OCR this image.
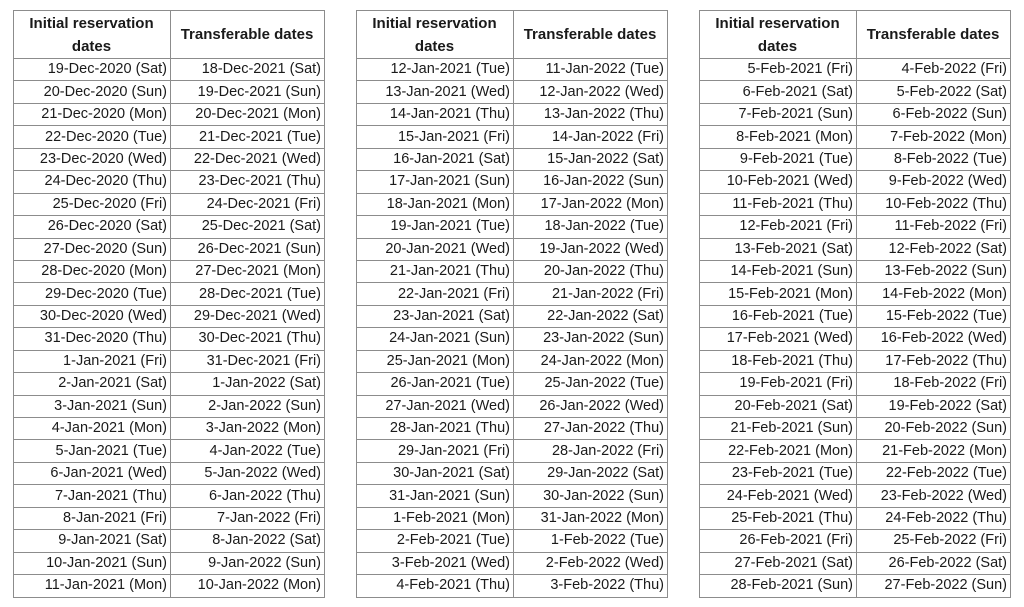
Initial reservation dates	Transferable dates
19-Dec-2020 (Sat)	18-Dec-2021 (Sat)
20-Dec-2020 (Sun)	19-Dec-2021 (Sun)
21-Dec-2020 (Mon)	20-Dec-2021 (Mon)
22-Dec-2020 (Tue)	21-Dec-2021 (Tue)
23-Dec-2020 (Wed)	22-Dec-2021 (Wed)
24-Dec-2020 (Thu)	23-Dec-2021 (Thu)
25-Dec-2020 (Fri)	24-Dec-2021 (Fri)
26-Dec-2020 (Sat)	25-Dec-2021 (Sat)
27-Dec-2020 (Sun)	26-Dec-2021 (Sun)
28-Dec-2020 (Mon)	27-Dec-2021 (Mon)
29-Dec-2020 (Tue)	28-Dec-2021 (Tue)
30-Dec-2020 (Wed)	29-Dec-2021 (Wed)
31-Dec-2020 (Thu)	30-Dec-2021 (Thu)
1-Jan-2021 (Fri)	31-Dec-2021 (Fri)
2-Jan-2021 (Sat)	1-Jan-2022 (Sat)
3-Jan-2021 (Sun)	2-Jan-2022 (Sun)
4-Jan-2021 (Mon)	3-Jan-2022 (Mon)
5-Jan-2021 (Tue)	4-Jan-2022 (Tue)
6-Jan-2021 (Wed)	5-Jan-2022 (Wed)
7-Jan-2021 (Thu)	6-Jan-2022 (Thu)
8-Jan-2021 (Fri)	7-Jan-2022 (Fri)
9-Jan-2021 (Sat)	8-Jan-2022 (Sat)
10-Jan-2021 (Sun)	9-Jan-2022 (Sun)
11-Jan-2021 (Mon)	10-Jan-2022 (Mon)
Initial reservation dates	Transferable dates
12-Jan-2021 (Tue)	11-Jan-2022 (Tue)
13-Jan-2021 (Wed)	12-Jan-2022 (Wed)
14-Jan-2021 (Thu)	13-Jan-2022 (Thu)
15-Jan-2021 (Fri)	14-Jan-2022 (Fri)
16-Jan-2021 (Sat)	15-Jan-2022 (Sat)
17-Jan-2021 (Sun)	16-Jan-2022 (Sun)
18-Jan-2021 (Mon)	17-Jan-2022 (Mon)
19-Jan-2021 (Tue)	18-Jan-2022 (Tue)
20-Jan-2021 (Wed)	19-Jan-2022 (Wed)
21-Jan-2021 (Thu)	20-Jan-2022 (Thu)
22-Jan-2021 (Fri)	21-Jan-2022 (Fri)
23-Jan-2021 (Sat)	22-Jan-2022 (Sat)
24-Jan-2021 (Sun)	23-Jan-2022 (Sun)
25-Jan-2021 (Mon)	24-Jan-2022 (Mon)
26-Jan-2021 (Tue)	25-Jan-2022 (Tue)
27-Jan-2021 (Wed)	26-Jan-2022 (Wed)
28-Jan-2021 (Thu)	27-Jan-2022 (Thu)
29-Jan-2021 (Fri)	28-Jan-2022 (Fri)
30-Jan-2021 (Sat)	29-Jan-2022 (Sat)
31-Jan-2021 (Sun)	30-Jan-2022 (Sun)
1-Feb-2021 (Mon)	31-Jan-2022 (Mon)
2-Feb-2021 (Tue)	1-Feb-2022 (Tue)
3-Feb-2021 (Wed)	2-Feb-2022 (Wed)
4-Feb-2021 (Thu)	3-Feb-2022 (Thu)
Initial reservation dates	Transferable dates
5-Feb-2021 (Fri)	4-Feb-2022 (Fri)
6-Feb-2021 (Sat)	5-Feb-2022 (Sat)
7-Feb-2021 (Sun)	6-Feb-2022 (Sun)
8-Feb-2021 (Mon)	7-Feb-2022 (Mon)
9-Feb-2021 (Tue)	8-Feb-2022 (Tue)
10-Feb-2021 (Wed)	9-Feb-2022 (Wed)
11-Feb-2021 (Thu)	10-Feb-2022 (Thu)
12-Feb-2021 (Fri)	11-Feb-2022 (Fri)
13-Feb-2021 (Sat)	12-Feb-2022 (Sat)
14-Feb-2021 (Sun)	13-Feb-2022 (Sun)
15-Feb-2021 (Mon)	14-Feb-2022 (Mon)
16-Feb-2021 (Tue)	15-Feb-2022 (Tue)
17-Feb-2021 (Wed)	16-Feb-2022 (Wed)
18-Feb-2021 (Thu)	17-Feb-2022 (Thu)
19-Feb-2021 (Fri)	18-Feb-2022 (Fri)
20-Feb-2021 (Sat)	19-Feb-2022 (Sat)
21-Feb-2021 (Sun)	20-Feb-2022 (Sun)
22-Feb-2021 (Mon)	21-Feb-2022 (Mon)
23-Feb-2021 (Tue)	22-Feb-2022 (Tue)
24-Feb-2021 (Wed)	23-Feb-2022 (Wed)
25-Feb-2021 (Thu)	24-Feb-2022 (Thu)
26-Feb-2021 (Fri)	25-Feb-2022 (Fri)
27-Feb-2021 (Sat)	26-Feb-2022 (Sat)
28-Feb-2021 (Sun)	27-Feb-2022 (Sun)
